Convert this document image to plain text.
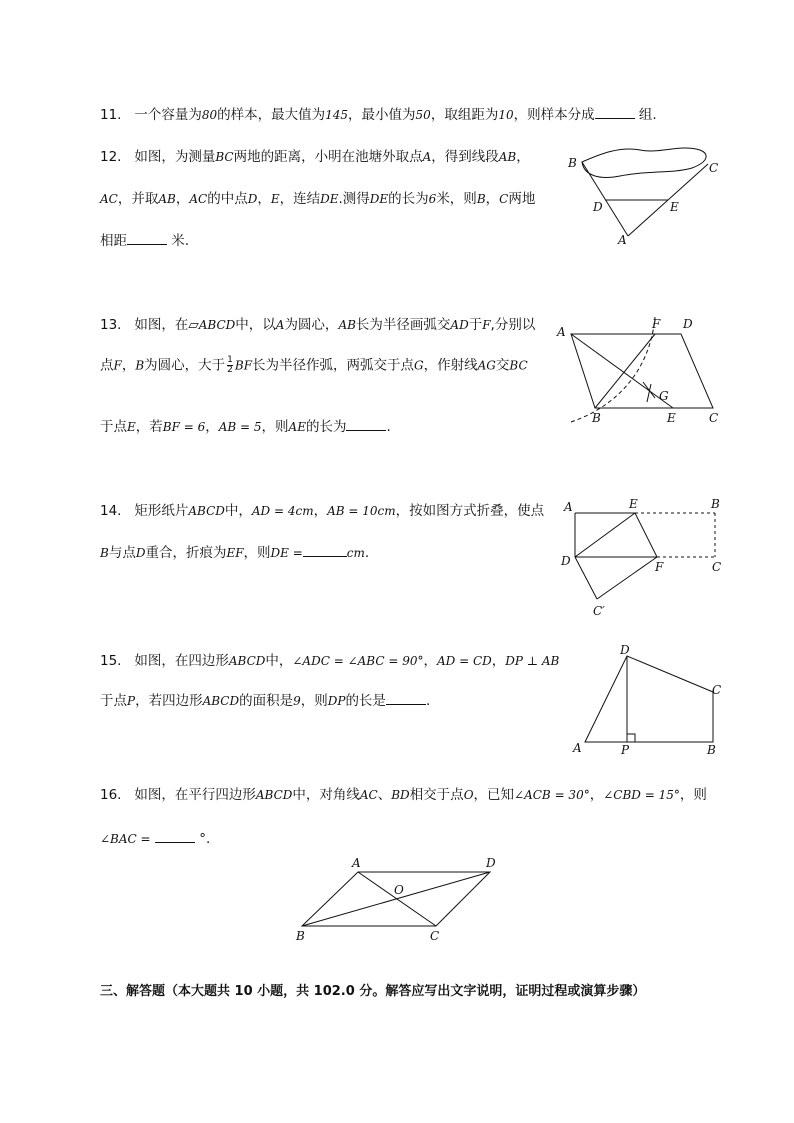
11. 一个容量为80的样本，最大值为145，最小值为50，取组距为10，则样本分成	组.
12. 如图，为测量BC两地的距离，小明在池塘外取点A，得到线段AB，
AC，并取AB，AC的中点D，E，连结DE.测得DE的长为6米，则B，C两地
相距	米.
B	C
D	E
A
13. 如图，在▱ABCD中，以A为圆心，AB长为半径画弧交AD于F,分别以
点F，B为圆心，大于 $\frac{1}{2}$ BF长为半径作弧，两弧交于点G，作射线AG交BC
于点E，若BF = 6，AB = 5，则AE的长为	.
A
F D
G
B	E	C
14. 矩形纸片ABCD中，AD = 4cm，AB = 10cm，按如图方式折叠，使点
B与点D重合，折痕为EF，则DE =	cm.
A	E	B
D	F	C
C′
15. 如图，在四边形ABCD中，∠ADC = ∠ABC = 90°，AD = CD，DP ⊥ AB
于点P，若四边形ABCD的面积是9，则DP的长是	.
D
C
A	P	B
16. 如图，在平行四边形ABCD中，对角线AC、BD相交于点O，已知∠ACB = 30°，∠CBD = 15°，则
∠BAC =	°.
A	D
O
B	C
三、解答题（本大题共 10 小题，共 102.0 分。解答应写出文字说明，证明过程或演算步骤）
